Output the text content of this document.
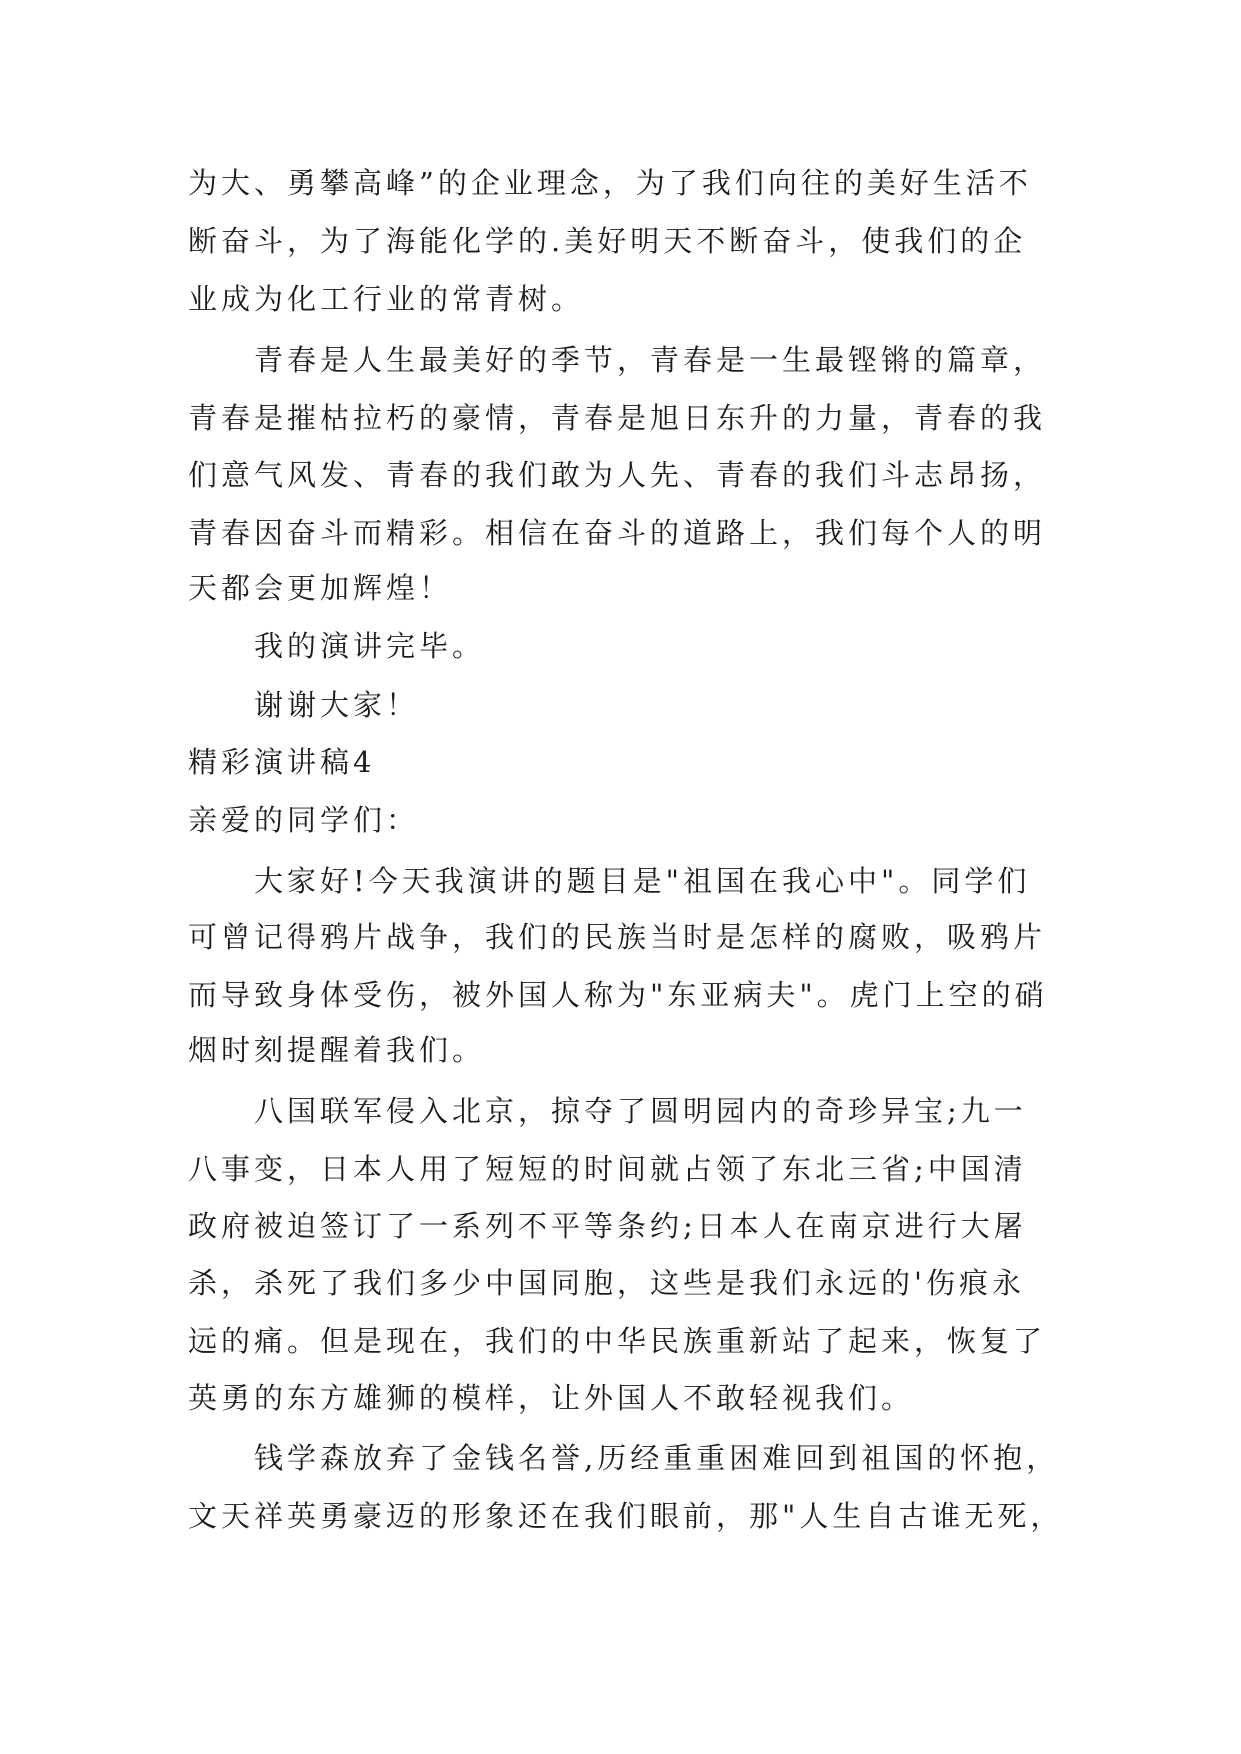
为大、勇攀高峰”的企业理念，为了我们向往的美好生活不
断奋斗，为了海能化学的.美好明天不断奋斗，使我们的企
业成为化工行业的常青树。
青春是人生最美好的季节，青春是一生最铿锵的篇章，
青春是摧枯拉朽的豪情，青春是旭日东升的力量，青春的我
们意气风发、青春的我们敢为人先、青春的我们斗志昂扬，
青春因奋斗而精彩。相信在奋斗的道路上，我们每个人的明
天都会更加辉煌！
我的演讲完毕。
谢谢大家！
精彩演讲稿4
亲爱的同学们：
大家好!今天我演讲的题目是"祖国在我心中"。同学们
可曾记得鸦片战争，我们的民族当时是怎样的腐败，吸鸦片
而导致身体受伤，被外国人称为"东亚病夫"。虎门上空的硝
烟时刻提醒着我们。
八国联军侵入北京，掠夺了圆明园内的奇珍异宝;九一
八事变，日本人用了短短的时间就占领了东北三省;中国清
政府被迫签订了一系列不平等条约;日本人在南京进行大屠
杀，杀死了我们多少中国同胞，这些是我们永远的'伤痕永
远的痛。但是现在，我们的中华民族重新站了起来，恢复了
英勇的东方雄狮的模样，让外国人不敢轻视我们。
钱学森放弃了金钱名誉,历经重重困难回到祖国的怀抱，
文天祥英勇豪迈的形象还在我们眼前，那"人生自古谁无死，
